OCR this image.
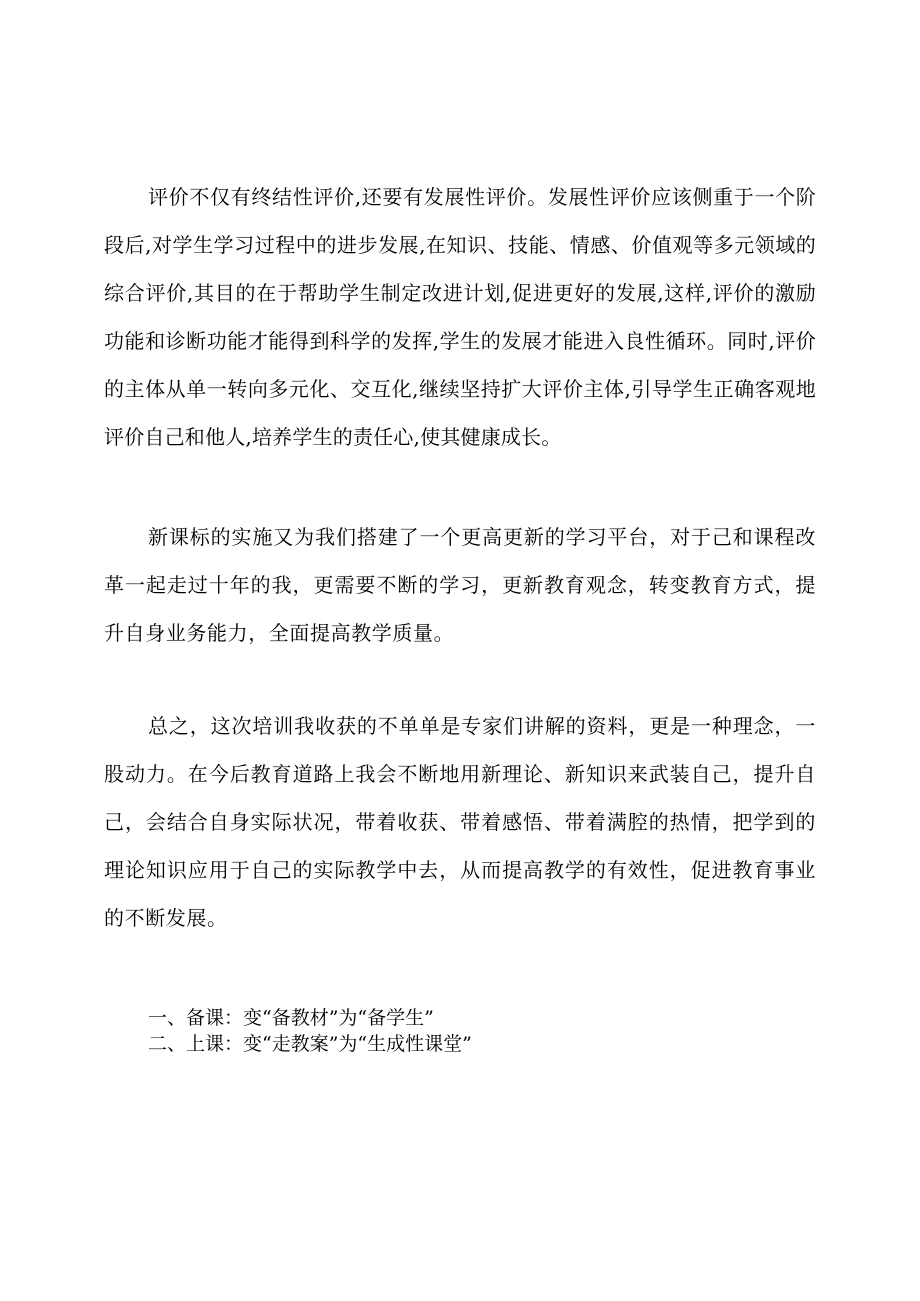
评价不仅有终结性评价,还要有发展性评价。发展性评价应该侧重于一个阶段后,对学生学习过程中的进步发展,在知识、技能、情感、价值观等多元领域的综合评价,其目的在于帮助学生制定改进计划,促进更好的发展,这样,评价的激励功能和诊断功能才能得到科学的发挥,学生的发展才能进入良性循环。同时,评价的主体从单一转向多元化、交互化,继续坚持扩大评价主体,引导学生正确客观地评价自己和他人,培养学生的责任心,使其健康成长。

新课标的实施又为我们搭建了一个更高更新的学习平台，对于己和课程改革一起走过十年的我，更需要不断的学习，更新教育观念，转变教育方式，提升自身业务能力，全面提高教学质量。

总之，这次培训我收获的不单单是专家们讲解的资料，更是一种理念，一股动力。在今后教育道路上我会不断地用新理论、新知识来武装自己，提升自己，会结合自身实际状况，带着收获、带着感悟、带着满腔的热情，把学到的理论知识应用于自己的实际教学中去，从而提高教学的有效性，促进教育事业的不断发展。

一、备课：变“备教材”为“备学生”

二、上课：变“走教案”为“生成性课堂”
